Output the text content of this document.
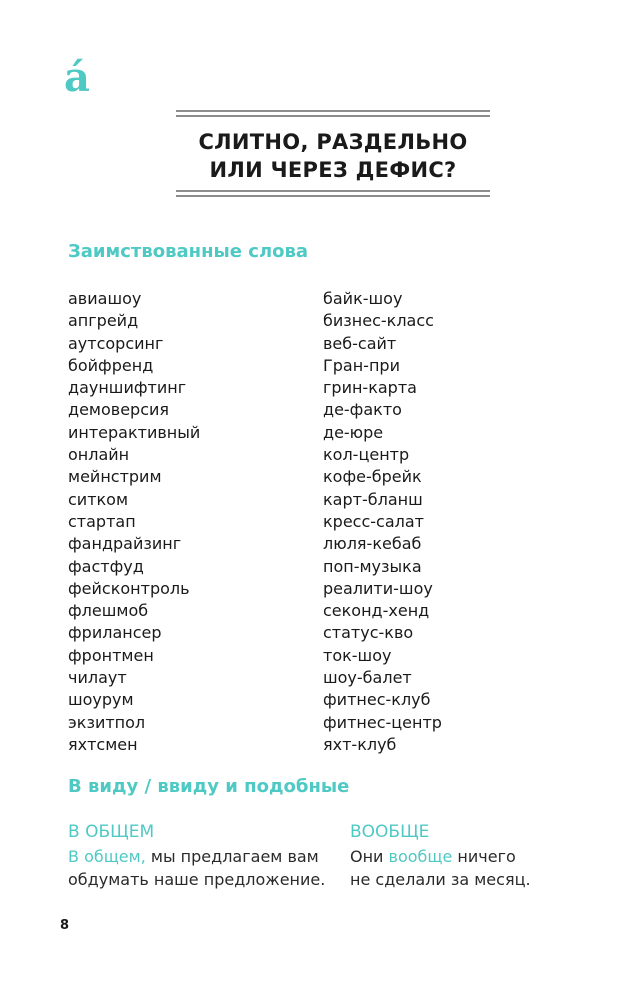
á
СЛИТНО, РАЗДЕЛЬНО
ИЛИ ЧЕРЕЗ ДЕФИС?
Заимствованные слова
авиашоу
апгрейд
аутсорсинг
бойфренд
дауншифтинг
демоверсия
интерактивный
онлайн
мейнстрим
ситком
стартап
фандрайзинг
фастфуд
фейсконтроль
флешмоб
фрилансер
фронтмен
чилаут
шоурум
экзитпол
яхтсмен
байк-шоу
бизнес-класс
веб-сайт
Гран-при
грин-карта
де-факто
де-юре
кол-центр
кофе-брейк
карт-бланш
кресс-салат
люля-кебаб
поп-музыка
реалити-шоу
секонд-хенд
статус-кво
ток-шоу
шоу-балет
фитнес-клуб
фитнес-центр
яхт-клуб
В виду / ввиду и подобные
В ОБЩЕМ
В общем, мы предлагаем вам
обдумать наше предложение.
ВООБЩЕ
Они вообще ничего
не сделали за месяц.
8
